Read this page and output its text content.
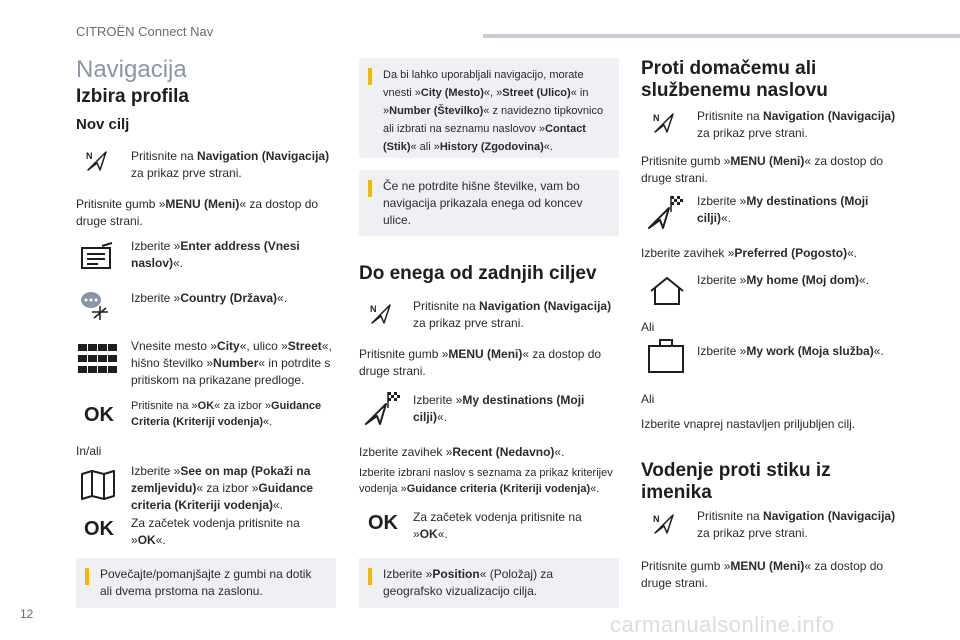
CITROËN Connect Nav
Navigacija
Izbira profila
Nov cilj
N	Pritisnite na Navigation (Navigacija) za prikaz prve strani.
Pritisnite gumb »MENU (Meni)« za dostop do druge strani.
Izberite »Enter address (Vnesi naslov)«.
Izberite »Country (Država)«.
Vnesite mesto »City«, ulico »Street«, hišno številko »Number« in potrdite s pritiskom na prikazane predloge.
OK Pritisnite na »OK« za izbor »Guidance Criteria (Kriteriji vodenja)«.
In/ali
Izberite »See on map (Pokaži na zemljevidu)« za izbor »Guidance criteria (Kriteriji vodenja)«.
OK Za začetek vodenja pritisnite na »OK«.
Povečajte/pomanjšajte z gumbi na dotik ali dvema prstoma na zaslonu.
Da bi lahko uporabljali navigacijo, morate vnesti »City (Mesto)«, »Street (Ulico)« in »Number (Številko)« z navidezno tipkovnico ali izbrati na seznamu naslovov »Contact (Stik)« ali »History (Zgodovina)«.
Če ne potrdite hišne številke, vam bo navigacija prikazala enega od koncev ulice.
Do enega od zadnjih ciljev
N	Pritisnite na Navigation (Navigacija) za prikaz prve strani.
Pritisnite gumb »MENU (Meni)« za dostop do druge strani.
Izberite »My destinations (Moji cilji)«.
Izberite zavihek »Recent (Nedavno)«.
Izberite izbrani naslov s seznama za prikaz kriterijev vodenja »Guidance criteria (Kriteriji vodenja)«.
OK Za začetek vodenja pritisnite na »OK«.
Izberite »Position« (Položaj) za geografsko vizualizacijo cilja.
Proti domačemu ali službenemu naslovu
N	Pritisnite na Navigation (Navigacija) za prikaz prve strani.
Pritisnite gumb »MENU (Meni)« za dostop do druge strani.
Izberite »My destinations (Moji cilji)«.
Izberite zavihek »Preferred (Pogosto)«.
Izberite »My home (Moj dom)«.
Ali
Izberite »My work (Moja služba)«.
Ali
Izberite vnaprej nastavljen priljubljen cilj.
Vodenje proti stiku iz imenika
N	Pritisnite na Navigation (Navigacija) za prikaz prve strani.
Pritisnite gumb »MENU (Meni)« za dostop do druge strani.
12	carmanualsonline.info
